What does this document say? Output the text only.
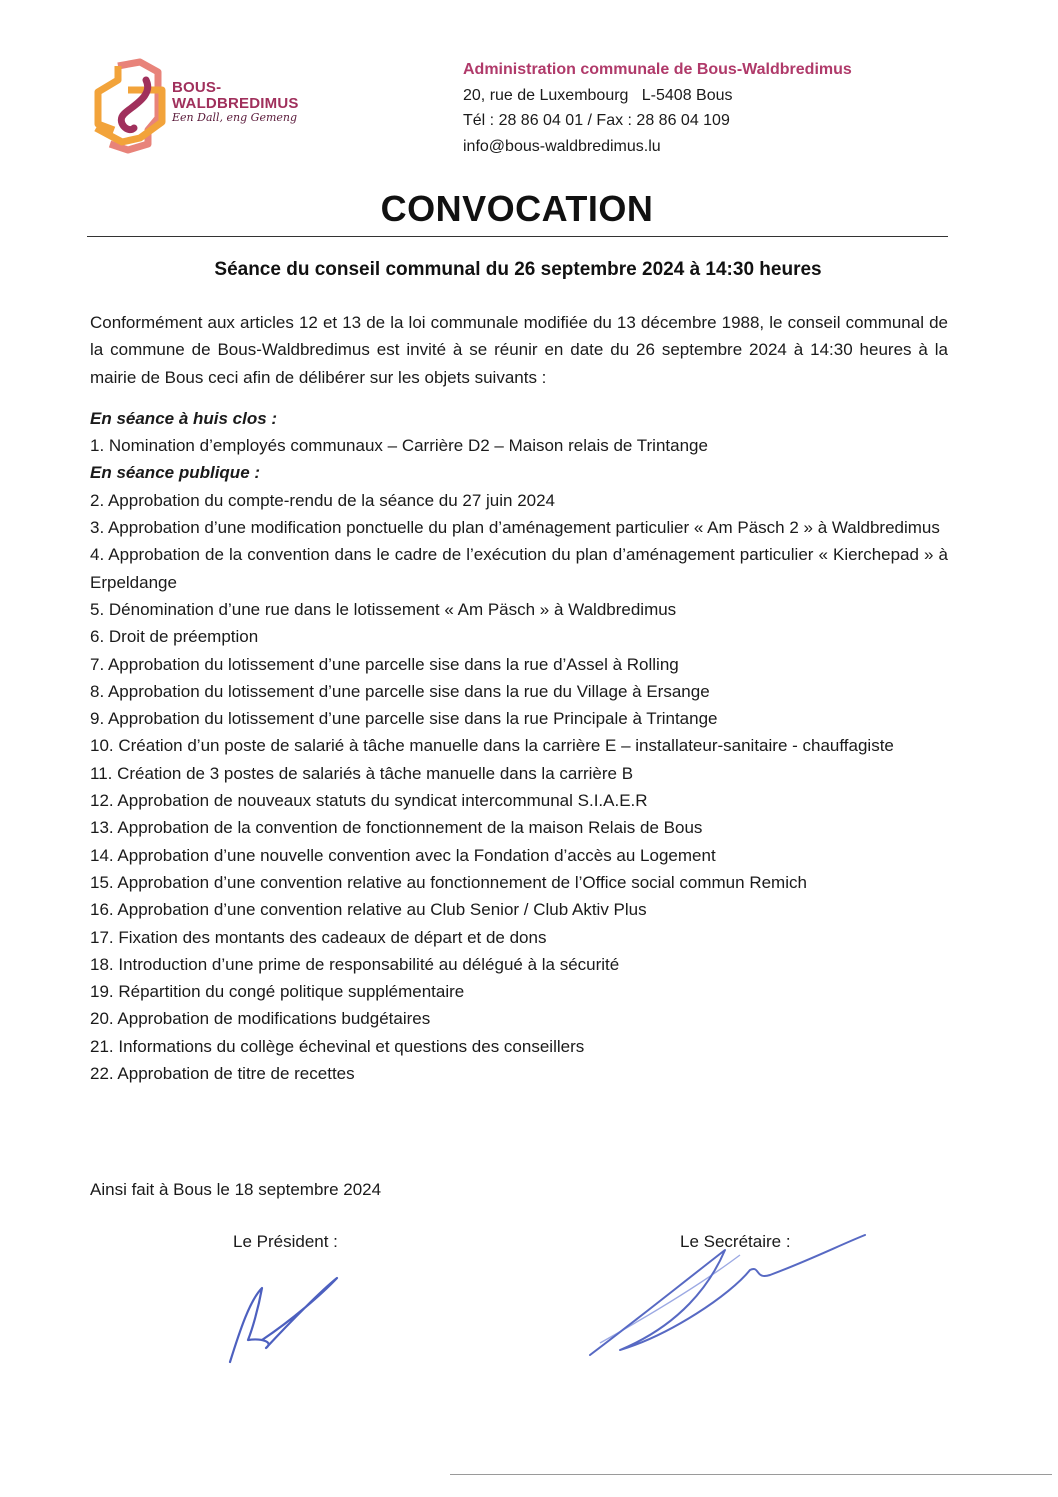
BOUS-
WALDBREDIMUS
Een Dall, eng Gemeng
Administration communale de Bous-Waldbredimus
20, rue de Luxembourg   L-5408 Bous
Tél : 28 86 04 01 / Fax : 28 86 04 109
info@bous-waldbredimus.lu
CONVOCATION
Séance du conseil communal du 26 septembre 2024 à 14:30 heures

Conformément aux articles 12 et 13 de la loi communale modifiée du 13 décembre 1988, le conseil communal de la commune de Bous-Waldbredimus est invité à se réunir en date du 26 septembre 2024 à 14:30 heures à la mairie de Bous ceci afin de délibérer sur les objets suivants :

En séance à huis clos :

1. Nomination d’employés communaux – Carrière D2 – Maison relais de Trintange

En séance publique :

2. Approbation du compte-rendu de la séance du 27 juin 2024

3. Approbation d’une modification ponctuelle du plan d’aménagement particulier « Am Päsch 2 » à Waldbredimus

4. Approbation de la convention dans le cadre de l’exécution du plan d’aménagement particulier « Kierchepad » à Erpeldange

5. Dénomination d’une rue dans le lotissement « Am Päsch » à Waldbredimus

6. Droit de préemption

7. Approbation du lotissement d’une parcelle sise dans la rue d’Assel à Rolling

8. Approbation du lotissement d’une parcelle sise dans la rue du Village à Ersange

9. Approbation du lotissement d’une parcelle sise dans la rue Principale à Trintange

10. Création d’un poste de salarié à tâche manuelle dans la carrière E – installateur-sanitaire - chauffagiste

11. Création de 3 postes de salariés à tâche manuelle dans la carrière B

12. Approbation de nouveaux statuts du syndicat intercommunal S.I.A.E.R

13. Approbation de la convention de fonctionnement de la maison Relais de Bous

14. Approbation d’une nouvelle convention avec la Fondation d’accès au Logement

15. Approbation d’une convention relative au fonctionnement de l’Office social commun Remich

16. Approbation d’une convention relative au Club Senior / Club Aktiv Plus

17. Fixation des montants des cadeaux de départ et de dons

18. Introduction d’une prime de responsabilité au délégué à la sécurité

19. Répartition du congé politique supplémentaire

20. Approbation de modifications budgétaires

21. Informations du collège échevinal et questions des conseillers

22. Approbation de titre de recettes

Ainsi fait à Bous le 18 septembre 2024
Le Président :	Le Secrétaire :
